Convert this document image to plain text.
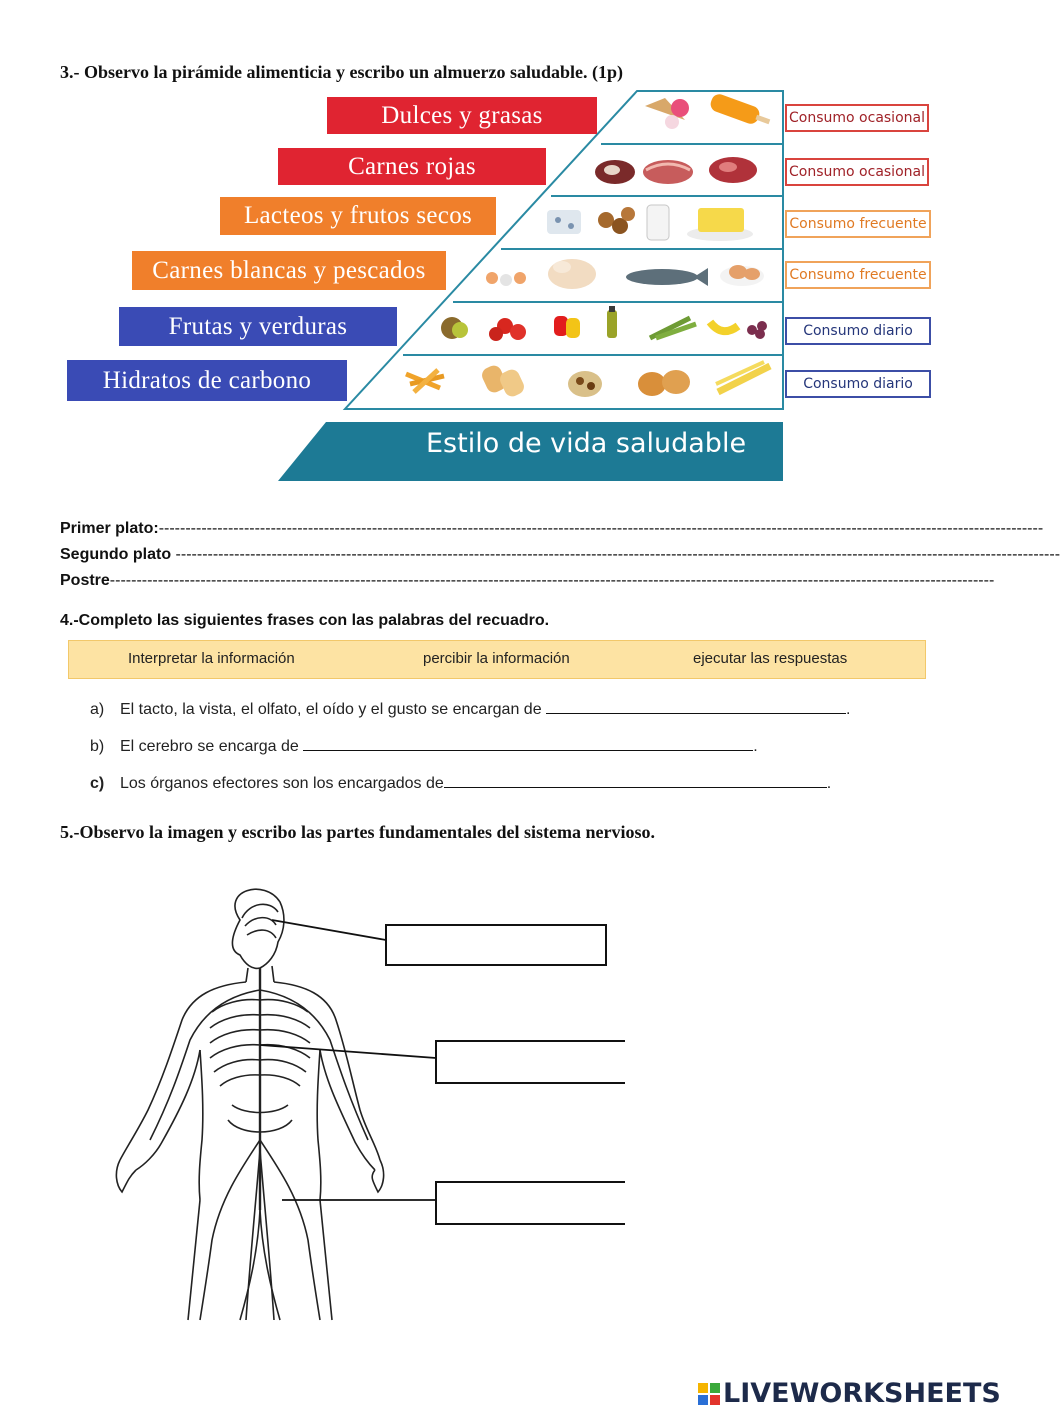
3.- Observo la pirámide alimenticia y escribo un almuerzo saludable. (1p)
Dulces y grasas
Carnes rojas
Lacteos y frutos secos
Carnes blancas y pescados
Frutas y verduras
Hidratos de carbono
Consumo ocasional
Consumo ocasional
Consumo frecuente
Consumo frecuente
Consumo diario
Consumo diario
Estilo de vida saludable
Primer plato:----------------------------------------------------------------------------------------------------------------------------------------------------------------------
Segundo plato ----------------------------------------------------------------------------------------------------------------------------------------------------------------------
Postre----------------------------------------------------------------------------------------------------------------------------------------------------------------------
4.-Completo las siguientes frases con las palabras del recuadro.
Interpretar la información	percibir la información	ejecutar las respuestas
a) El tacto, la vista, el olfato, el oído y el gusto se encargan de	.
b) El cerebro se encarga de	.
c) Los órganos efectores son los encargados de	.
5.-Observo la imagen y escribo las partes fundamentales del sistema nervioso.
LIVEWORKSHEETS
